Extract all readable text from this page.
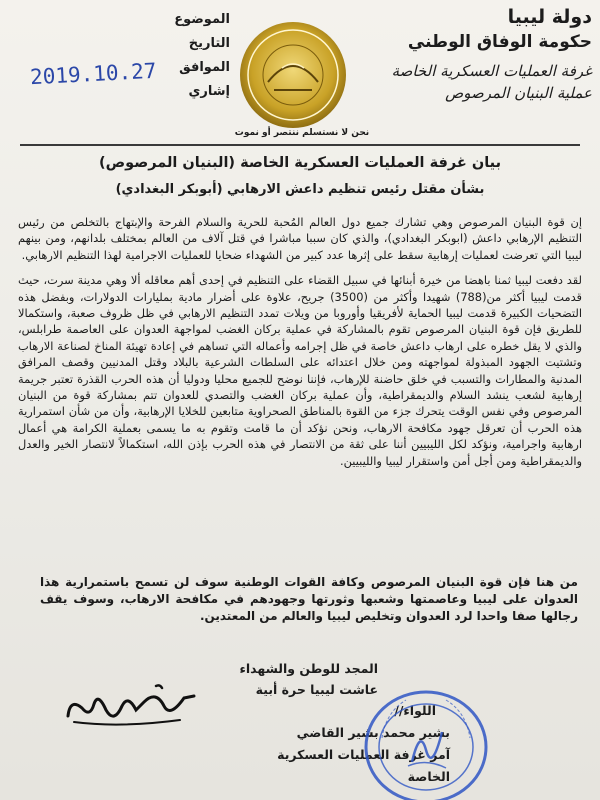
دولة ليبيا
حكومة الوفاق الوطني
غرفة العمليات العسكرية الخاصة
عملية البنيان المرصوص
الموضوع
التاريخ
الموافق
إشاري
2019.10.27
نحن لا نستسلم ننتصر أو نموت
بيان غرفة العمليات العسكرية الخاصة (البنيان المرصوص)
بشأن مقتل رئيس تنظيم داعش الارهابي (أبوبكر البغدادي)

إن قوة البنيان المرصوص وهي تشارك جميع دول العالم المُحبة للحرية والسلام الفرحة والإبتهاج بالتخلص من رئيس التنظيم الإرهابي داعش (ابوبكر البغدادي)، والذي كان سببا مباشرا في قتل آلاف من العالم بمختلف بلدانهم، ومن بينهم ليبيا التي تعرضت لعمليات إرهابية سقط على إثرها عدد كبير من الشهداء ضحايا للعمليات الاجرامية لهذا التنظيم الارهابي.

لقد دفعت ليبيا ثمنا باهضا من خيرة أبنائها في سبيل القضاء على التنظيم في إحدى أهم معاقله ألا وهي مدينة سرت، حيث قدمت ليبيا أكثر من(788) شهيدا وأكثر من (3500) جريح، علاوة على أضرار مادية بمليارات الدولارات، وبفضل هذه التضحيات الكبيرة قدمت ليبيا الحماية لأفريقيا وأوروبا من ويلات تمدد التنظيم الارهابي في ظل ظروف صعبة، واستكمالا للطريق فإن قوة البنيان المرصوص تقوم بالمشاركة في عملية بركان الغضب لمواجهة العدوان على العاصمة طرابلس، والذي لا يقل خطره على ارهاب داعش خاصة في ظل إجرامه وأعماله التي تساهم في إعادة تهيئة المناخ لصناعة الارهاب وتشتيت الجهود المبذولة لمواجهته ومن خلال اعتدائه على السلطات الشرعية بالبلاد وقتل المدنيين وقصف المرافق المدنية والمطارات والتسبب في خلق حاضنة للإرهاب، فإننا نوضح للجميع محليا ودوليا أن هذه الحرب القذرة تعتبر جريمة إرهابية لشعب ينشد السلام والديمقراطية، وأن عملية بركان الغضب والتصدي للعدوان تتم بمشاركة قوة من البنيان المرصوص وفي نفس الوقت يتحرك جزء من القوة بالمناطق الصحراوية متابعين للخلايا الإرهابية، وأن من شأن استمرارية هذه الحرب أن تعرقل جهود مكافحة الارهاب، ونحن نؤكد أن ما قامت وتقوم به ما يسمى بعملية الكرامة هي أعمال ارهابية واجرامية، ونؤكد لكل الليبيين أننا على ثقة من الانتصار في هذه الحرب بإذن الله، استكمالاً لانتصار الخير والعدل والديمقراطية ومن أجل أمن واستقرار ليبيا والليبيين.

من هنا فإن قوة البنيان المرصوص وكافة القوات الوطنية سوف لن تسمح باستمرارية هذا العدوان على ليبيا وعاصمتها وشعبها وثورتها وجهودهم في مكافحة الارهاب، وسوف يقف رجالها صفا واحدا لرد العدوان وتخليص ليبيا والعالم من المعتدين.
المجد للوطن والشهداء
عاشت ليبيا حرة أبية
اللواء//
بشير محمد بشير القاضي
آمر غرفة العمليات العسكرية الخاصة
